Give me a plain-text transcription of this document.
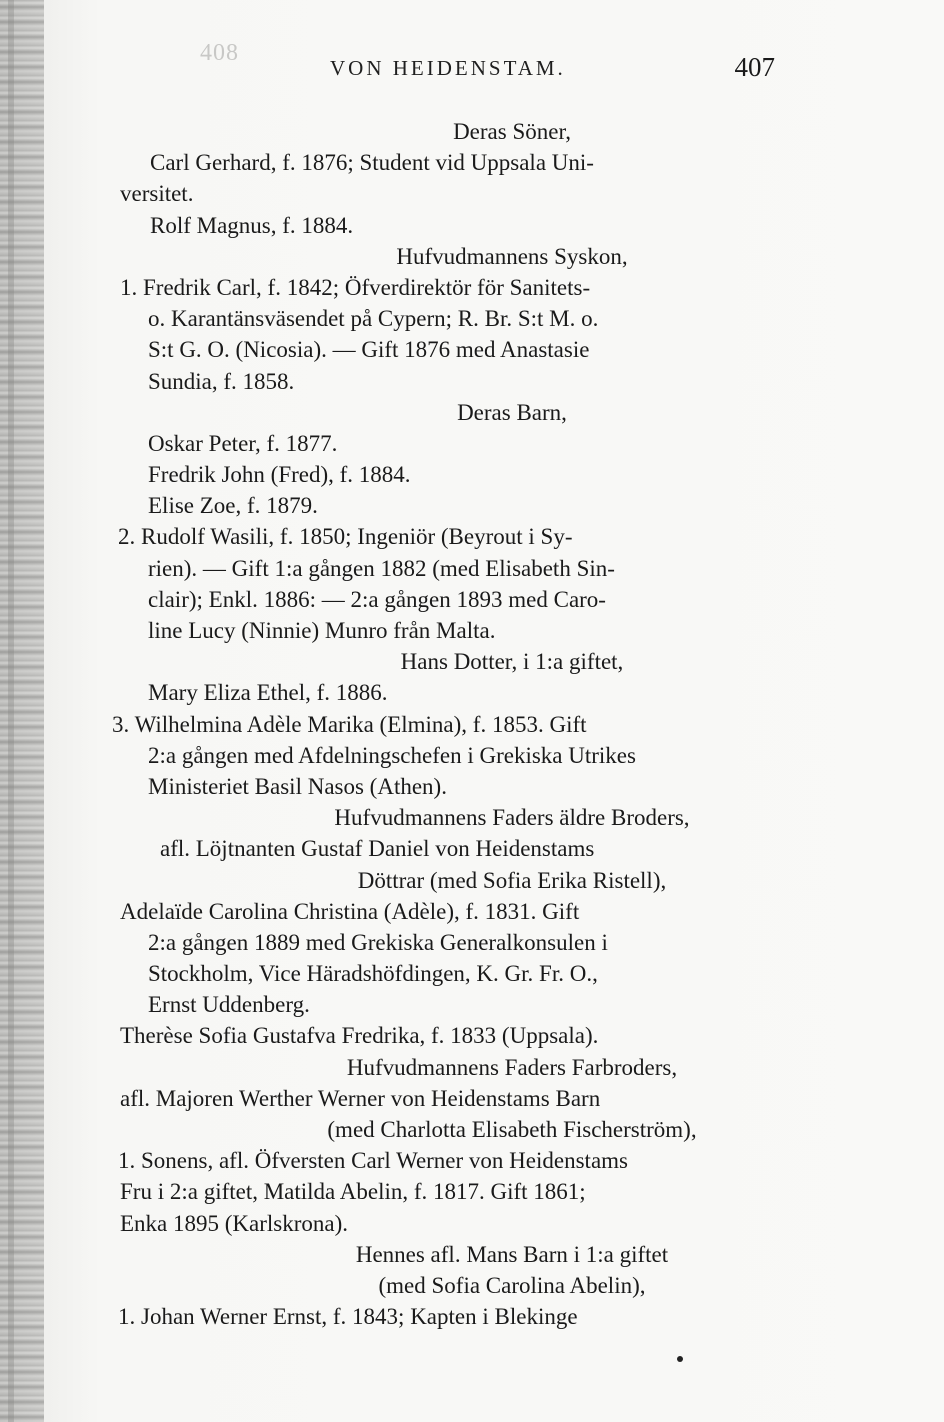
408
VON HEIDENSTAM.	407
Deras Söner,
Carl Gerhard, f. 1876; Student vid Uppsala Uni-
versitet.
Rolf Magnus, f. 1884.
Hufvudmannens Syskon,
1. Fredrik Carl, f. 1842; Öfverdirektör för Sanitets-
o. Karantänsväsendet på Cypern; R. Br. S:t M. o.
S:t G. O. (Nicosia). — Gift 1876 med Anastasie
Sundia, f. 1858.
Deras Barn,
Oskar Peter, f. 1877.
Fredrik John (Fred), f. 1884.
Elise Zoe, f. 1879.
2. Rudolf Wasili, f. 1850; Ingeniör (Beyrout i Sy-
rien). — Gift 1:a gången 1882 (med Elisabeth Sin-
clair); Enkl. 1886: — 2:a gången 1893 med Caro-
line Lucy (Ninnie) Munro från Malta.
Hans Dotter, i 1:a giftet,
Mary Eliza Ethel, f. 1886.
3. Wilhelmina Adèle Marika (Elmina), f. 1853. Gift
2:a gången med Afdelningschefen i Grekiska Utrikes
Ministeriet Basil Nasos (Athen).
Hufvudmannens Faders äldre Broders,
afl. Löjtnanten Gustaf Daniel von Heidenstams
Döttrar (med Sofia Erika Ristell),
Adelaïde Carolina Christina (Adèle), f. 1831. Gift
2:a gången 1889 med Grekiska Generalkonsulen i
Stockholm, Vice Häradshöfdingen, K. Gr. Fr. O.,
Ernst Uddenberg.
Therèse Sofia Gustafva Fredrika, f. 1833 (Uppsala).
Hufvudmannens Faders Farbroders,
afl. Majoren Werther Werner von Heidenstams Barn
(med Charlotta Elisabeth Fischerström),
1. Sonens, afl. Öfversten Carl Werner von Heidenstams
Fru i 2:a giftet, Matilda Abelin, f. 1817. Gift 1861;
Enka 1895 (Karlskrona).
Hennes afl. Mans Barn i 1:a giftet
(med Sofia Carolina Abelin),
1. Johan Werner Ernst, f. 1843; Kapten i Blekinge
